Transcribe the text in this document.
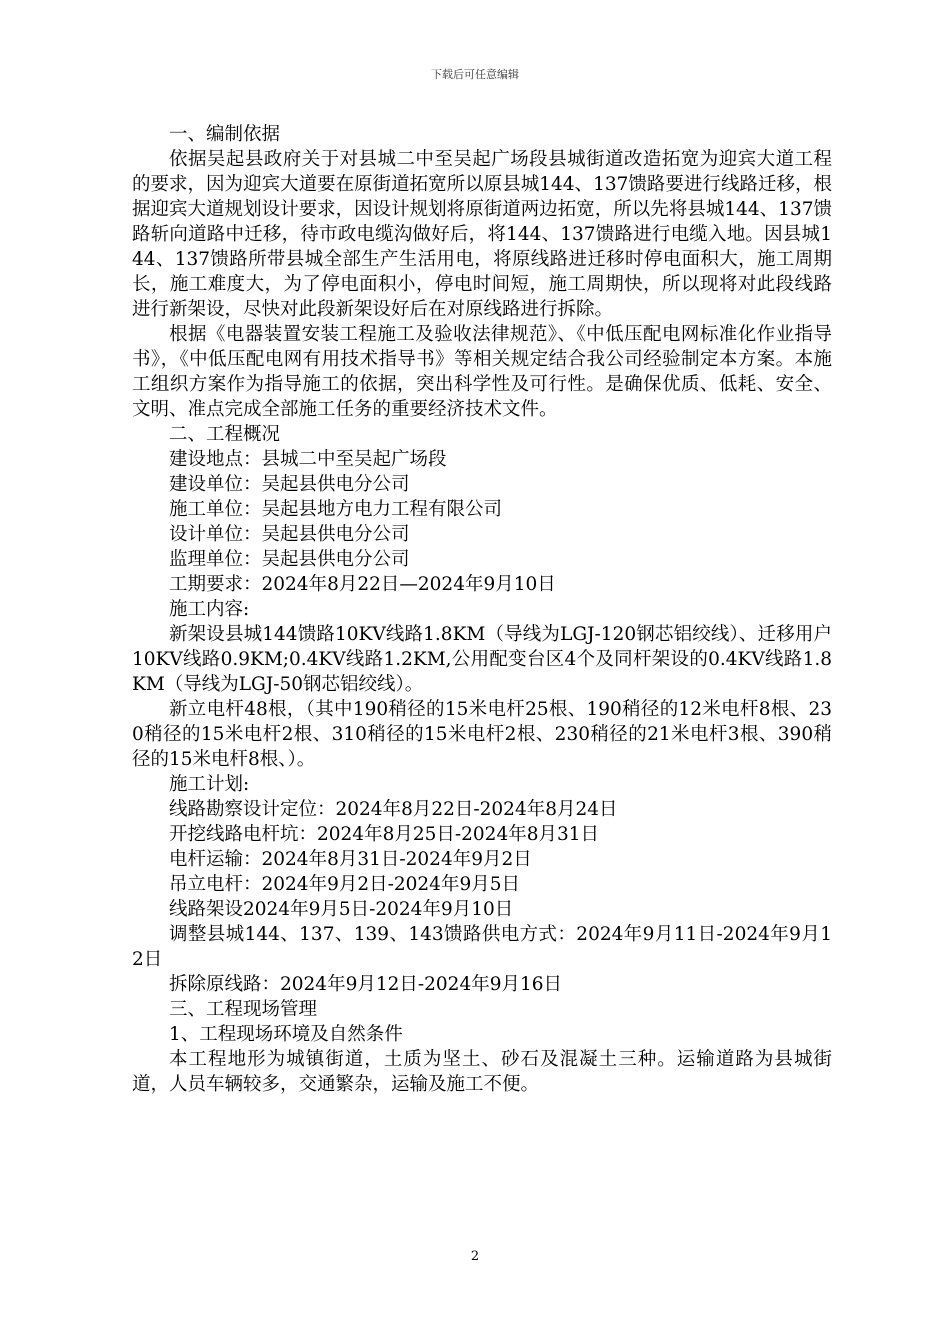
下载后可任意编辑

一、编制依据

依据吴起县政府关于对县城二中至吴起广场段县城街道改造拓宽为迎宾大道工程的要求，因为迎宾大道要在原街道拓宽所以原县城144、137馈路要进行线路迁移，根据迎宾大道规划设计要求，因设计规划将原街道两边拓宽，所以先将县城144、137馈路斩向道路中迁移，待市政电缆沟做好后，将144、137馈路进行电缆入地。因县城144、137馈路所带县城全部生产生活用电，将原线路进迁移时停电面积大，施工周期长，施工难度大，为了停电面积小，停电时间短，施工周期快，所以现将对此段线路进行新架设，尽快对此段新架设好后在对原线路进行拆除。

根据《电器装置安装工程施工及验收法律规范》、《中低压配电网标准化作业指导书》，《中低压配电网有用技术指导书》等相关规定结合我公司经验制定本方案。本施工组织方案作为指导施工的依据，突出科学性及可行性。是确保优质、低耗、安全、文明、准点完成全部施工任务的重要经济技术文件。

二、工程概况

建设地点：县城二中至吴起广场段

建设单位：吴起县供电分公司

施工单位：吴起县地方电力工程有限公司

设计单位：吴起县供电分公司

监理单位：吴起县供电分公司

工期要求：2024年8月22日—2024年9月10日

施工内容:

新架设县城144馈路10KV线路1.8KM（导线为LGJ-120钢芯铝绞线）、迁移用户10KV线路0.9KM;0.4KV线路1.2KM,公用配变台区4个及同杆架设的0.4KV线路1.8KM（导线为LGJ-50钢芯铝绞线）。

新立电杆48根，（其中190稍径的15米电杆25根、190稍径的12米电杆8根、230稍径的15米电杆2根、310稍径的15米电杆2根、230稍径的21米电杆3根、390稍径的15米电杆8根、）。

施工计划:

线路勘察设计定位：2024年8月22日-2024年8月24日

开挖线路电杆坑：2024年8月25日-2024年8月31日

电杆运输：2024年8月31日-2024年9月2日

吊立电杆：2024年9月2日-2024年9月5日

线路架设2024年9月5日-2024年9月10日

调整县城144、137、139、143馈路供电方式：2024年9月11日-2024年9月12日

拆除原线路：2024年9月12日-2024年9月16日

三、工程现场管理

1、工程现场环境及自然条件

本工程地形为城镇街道，土质为坚土、砂石及混凝土三种。运输道路为县城街道，人员车辆较多，交通繁杂，运输及施工不便。

2
